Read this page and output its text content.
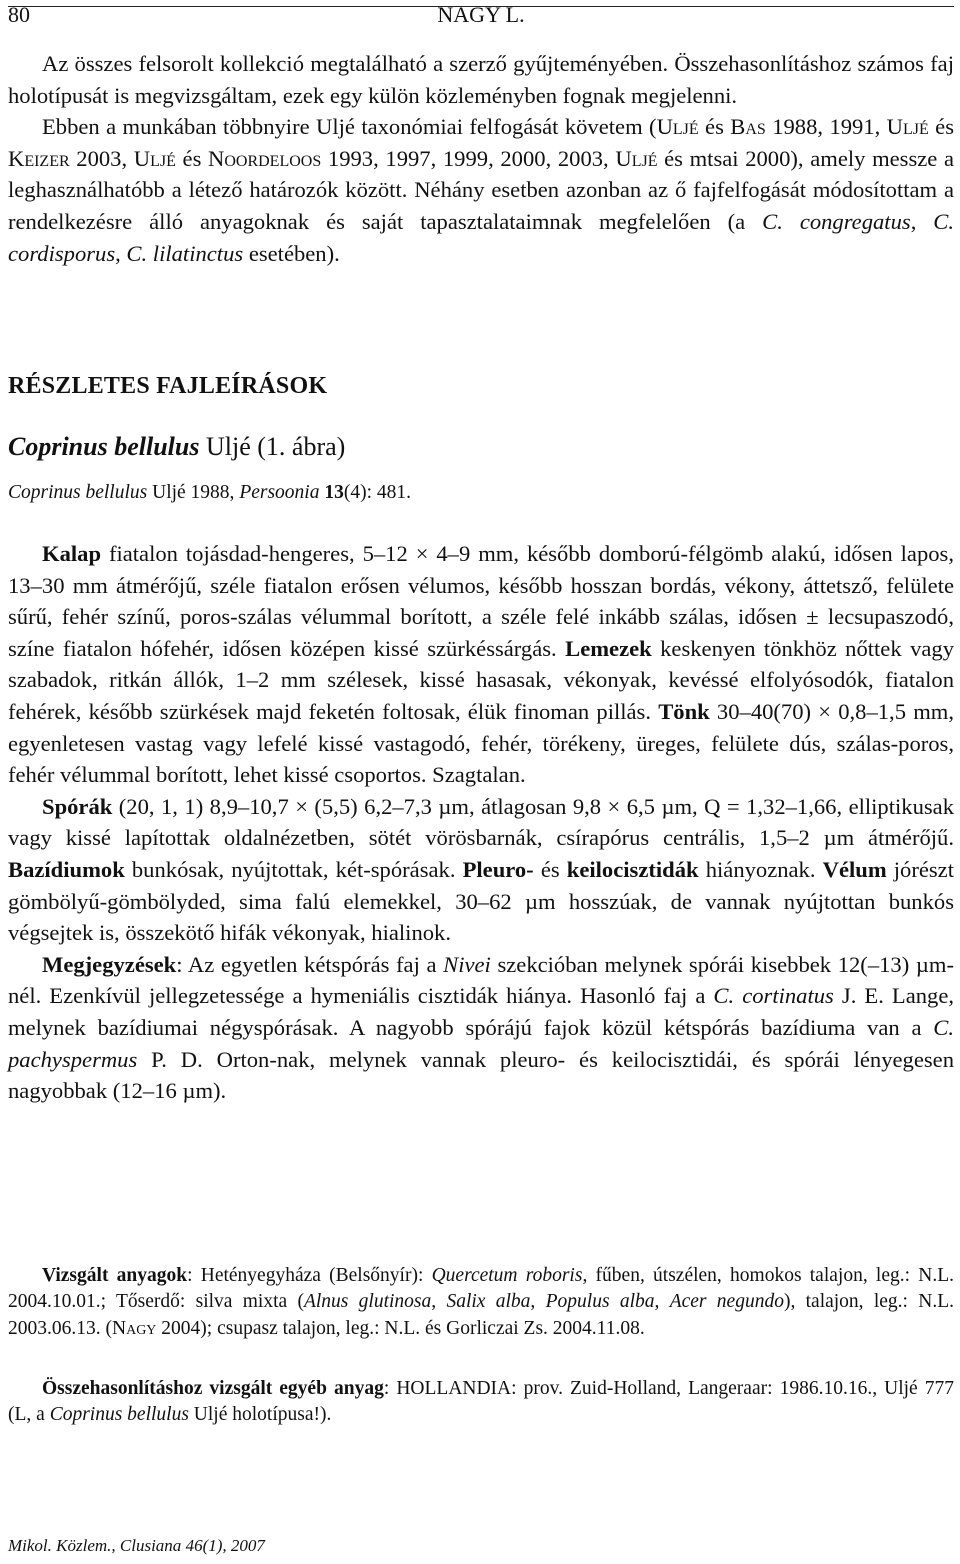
80	NAGY L.

Az összes felsorolt kollekció megtalálható a szerző gyűjteményében. Összehasonlításhoz számos faj holotípusát is megvizsgáltam, ezek egy külön közleményben fognak megjelenni.

Ebben a munkában többnyire Uljé taxonómiai felfogását követem (Uljé és Bas 1988, 1991, Uljé és Keizer 2003, Uljé és Noordeloos 1993, 1997, 1999, 2000, 2003, Uljé és mtsai 2000), amely messze a leghasználhatóbb a létező határozók között. Néhány esetben azonban az ő fajfelfogását módosítottam a rendelkezésre álló anyagoknak és saját tapasztalataimnak megfelelően (a C. congregatus, C. cordisporus, C. lilatinctus esetében).

RÉSZLETES FAJLEÍRÁSOK
Coprinus bellulus Uljé (1. ábra)
Coprinus bellulus Uljé 1988, Persoonia 13(4): 481.

Kalap fiatalon tojásdad-hengeres, 5–12 × 4–9 mm, később domború-félgömb alakú, idősen lapos, 13–30 mm átmérőjű, széle fiatalon erősen vélumos, később hosszan bordás, vékony, áttetsző, felülete sűrű, fehér színű, poros-szálas vélummal borított, a széle felé inkább szálas, idősen ± lecsupaszodó, színe fiatalon hófehér, idősen középen kissé szürkéssárgás. Lemezek keskenyen tönkhöz nőttek vagy szabadok, ritkán állók, 1–2 mm szélesek, kissé hasasak, vékonyak, kevéssé elfolyósodók, fiatalon fehérek, később szürkések majd feketén foltosak, élük finoman pillás. Tönk 30–40(70) × 0,8–1,5 mm, egyenletesen vastag vagy lefelé kissé vastagodó, fehér, törékeny, üreges, felülete dús, szálas-poros, fehér vélummal borított, lehet kissé csoportos. Szagtalan.

Spórák (20, 1, 1) 8,9–10,7 × (5,5) 6,2–7,3 µm, átlagosan 9,8 × 6,5 µm, Q = 1,32–1,66, elliptikusak vagy kissé lapítottak oldalnézetben, sötét vörösbarnák, csírapórus centrális, 1,5–2 µm átmérőjű. Bazídiumok bunkósak, nyújtottak, két-spórásak. Pleuro- és keilocisztidák hiányoznak. Vélum jórészt gömbölyű-gömbölyded, sima falú elemekkel, 30–62 µm hosszúak, de vannak nyújtottan bunkós végsejtek is, összekötő hifák vékonyak, hialinok.

Megjegyzések: Az egyetlen kétspórás faj a Nivei szekcióban melynek spórái kisebbek 12(–13) µm-nél. Ezenkívül jellegzetessége a hymeniális cisztidák hiánya. Hasonló faj a C. cortinatus J. E. Lange, melynek bazídiumai négyspórásak. A nagyobb spórájú fajok közül kétspórás bazídiuma van a C. pachyspermus P. D. Orton-nak, melynek vannak pleuro- és keilocisztidái, és spórái lényegesen nagyobbak (12–16 µm).

Vizsgált anyagok: Hetényegyháza (Belsőnyír): Quercetum roboris, fűben, útszélen, homokos talajon, leg.: N.L. 2004.10.01.; Tőserdő: silva mixta (Alnus glutinosa, Salix alba, Populus alba, Acer negundo), talajon, leg.: N.L. 2003.06.13. (Nagy 2004); csupasz talajon, leg.: N.L. és Gorliczai Zs. 2004.11.08.

Összehasonlításhoz vizsgált egyéb anyag: HOLLANDIA: prov. Zuid-Holland, Langeraar: 1986.10.16., Uljé 777 (L, a Coprinus bellulus Uljé holotípusa!).

Mikol. Közlem., Clusiana 46(1), 2007
